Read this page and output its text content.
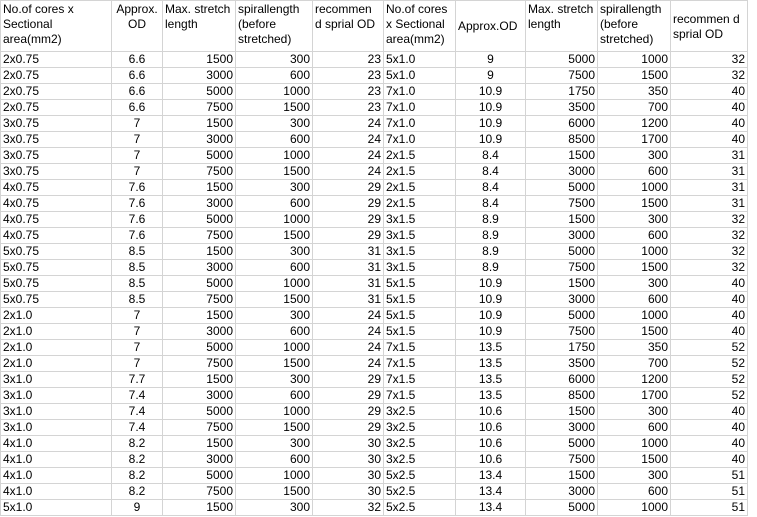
No.of cores x Sectional area(mm2)	Approx. OD	Max. stretch length	spirallength (before stretched)	recommen d sprial OD	No.of cores x Sectional area(mm2)	Approx.OD	Max. stretch length	spirallength (before stretched)	recommen d sprial OD
2x0.75	6.6	1500	300	23	5x1.0	9	5000	1000	32
2x0.75	6.6	3000	600	23	5x1.0	9	7500	1500	32
2x0.75	6.6	5000	1000	23	7x1.0	10.9	1750	350	40
2x0.75	6.6	7500	1500	23	7x1.0	10.9	3500	700	40
3x0.75	7	1500	300	24	7x1.0	10.9	6000	1200	40
3x0.75	7	3000	600	24	7x1.0	10.9	8500	1700	40
3x0.75	7	5000	1000	24	2x1.5	8.4	1500	300	31
3x0.75	7	7500	1500	24	2x1.5	8.4	3000	600	31
4x0.75	7.6	1500	300	29	2x1.5	8.4	5000	1000	31
4x0.75	7.6	3000	600	29	2x1.5	8.4	7500	1500	31
4x0.75	7.6	5000	1000	29	3x1.5	8.9	1500	300	32
4x0.75	7.6	7500	1500	29	3x1.5	8.9	3000	600	32
5x0.75	8.5	1500	300	31	3x1.5	8.9	5000	1000	32
5x0.75	8.5	3000	600	31	3x1.5	8.9	7500	1500	32
5x0.75	8.5	5000	1000	31	5x1.5	10.9	1500	300	40
5x0.75	8.5	7500	1500	31	5x1.5	10.9	3000	600	40
2x1.0	7	1500	300	24	5x1.5	10.9	5000	1000	40
2x1.0	7	3000	600	24	5x1.5	10.9	7500	1500	40
2x1.0	7	5000	1000	24	7x1.5	13.5	1750	350	52
2x1.0	7	7500	1500	24	7x1.5	13.5	3500	700	52
3x1.0	7.7	1500	300	29	7x1.5	13.5	6000	1200	52
3x1.0	7.4	3000	600	29	7x1.5	13.5	8500	1700	52
3x1.0	7.4	5000	1000	29	3x2.5	10.6	1500	300	40
3x1.0	7.4	7500	1500	29	3x2.5	10.6	3000	600	40
4x1.0	8.2	1500	300	30	3x2.5	10.6	5000	1000	40
4x1.0	8.2	3000	600	30	3x2.5	10.6	7500	1500	40
4x1.0	8.2	5000	1000	30	5x2.5	13.4	1500	300	51
4x1.0	8.2	7500	1500	30	5x2.5	13.4	3000	600	51
5x1.0	9	1500	300	32	5x2.5	13.4	5000	1000	51
